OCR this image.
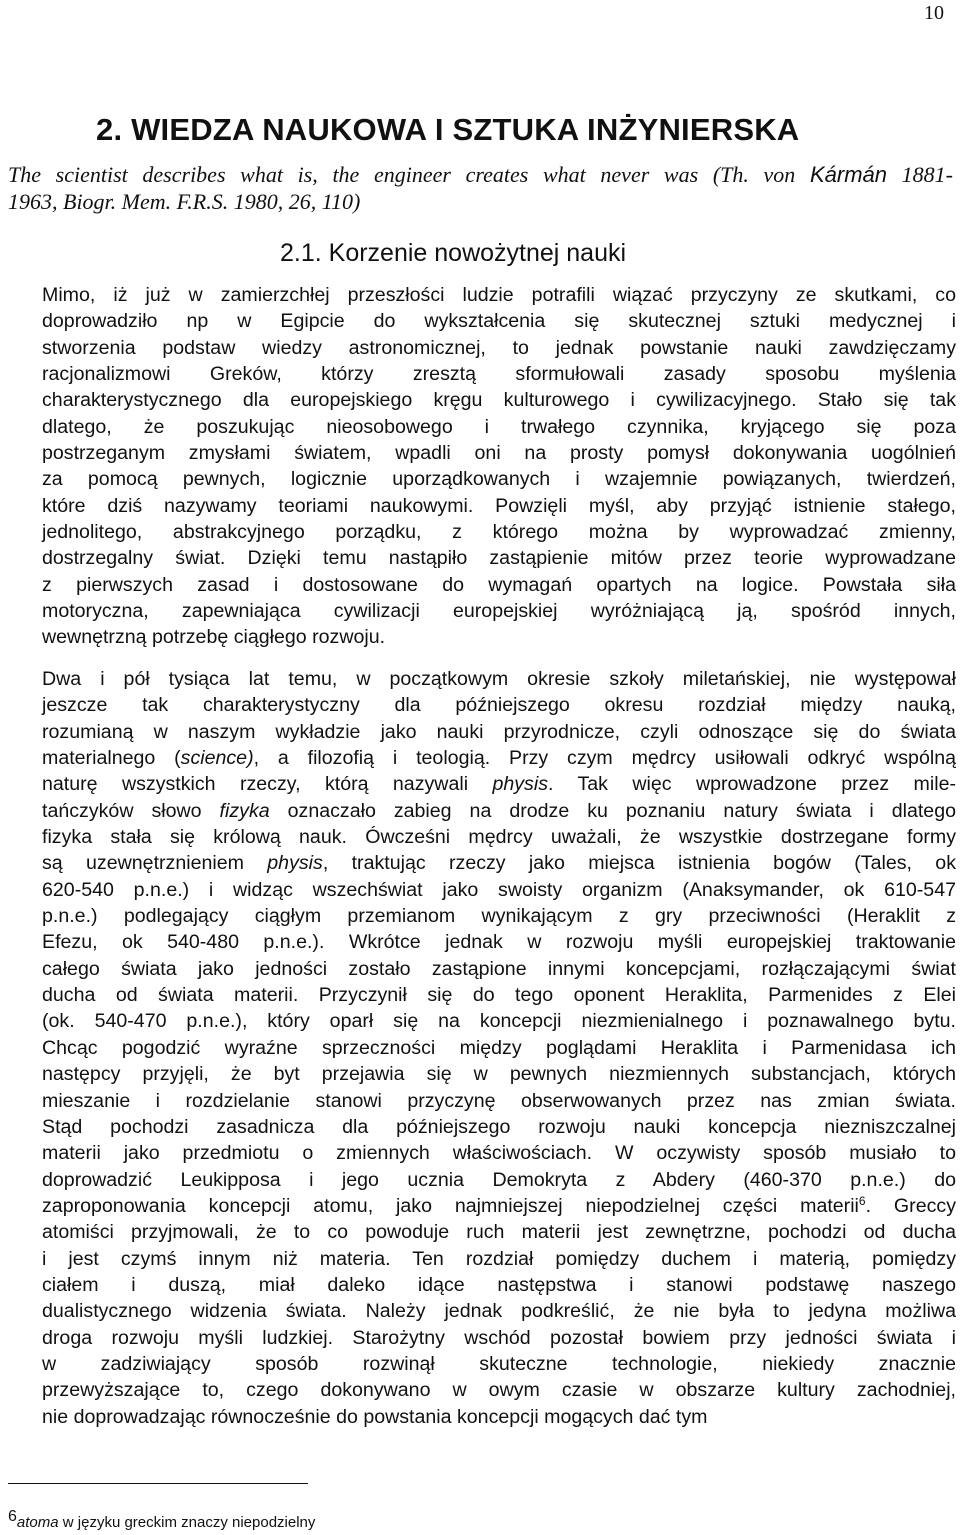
10
2. WIEDZA NAUKOWA I SZTUKA INŻYNIERSKA

The scientist describes what is, the engineer creates what never was (Th. von Kármán 1881-
1963, Biogr. Mem. F.R.S. 1980, 26, 110)

2.1. Korzenie nowożytnej nauki

Mimo, iż już w zamierzchłej przeszłości ludzie potrafili wiązać przyczyny ze skutkami, co
doprowadziło np w Egipcie do wykształcenia się skutecznej sztuki medycznej i
stworzenia podstaw wiedzy astronomicznej, to jednak powstanie nauki zawdzięczamy
racjonalizmowi Greków, którzy zresztą sformułowali zasady sposobu myślenia
charakterystycznego dla europejskiego kręgu kulturowego i cywilizacyjnego. Stało się tak
dlatego, że poszukując nieosobowego i trwałego czynnika, kryjącego się poza
postrzeganym zmysłami światem, wpadli oni na prosty pomysł dokonywania uogólnień
za pomocą pewnych, logicznie uporządkowanych i wzajemnie powiązanych, twierdzeń,
które dziś nazywamy teoriami naukowymi. Powzięli myśl, aby przyjąć istnienie stałego,
jednolitego, abstrakcyjnego porządku, z którego można by wyprowadzać zmienny,
dostrzegalny świat. Dzięki temu nastąpiło zastąpienie mitów przez teorie wyprowadzane
z pierwszych zasad i dostosowane do wymagań opartych na logice. Powstała siła
motoryczna, zapewniająca cywilizacji europejskiej wyróżniającą ją, spośród innych,
wewnętrzną potrzebę ciągłego rozwoju.

Dwa i pół tysiąca lat temu, w początkowym okresie szkoły miletańskiej, nie występował
jeszcze tak charakterystyczny dla późniejszego okresu rozdział między nauką,
rozumianą w naszym wykładzie jako nauki przyrodnicze, czyli odnoszące się do świata
materialnego (science), a filozofią i teologią. Przy czym mędrcy usiłowali odkryć wspólną
naturę wszystkich rzeczy, którą nazywali physis. Tak więc wprowadzone przez mile-
tańczyków słowo fizyka oznaczało zabieg na drodze ku poznaniu natury świata i dlatego
fizyka stała się królową nauk. Ówcześni mędrcy uważali, że wszystkie dostrzegane formy
są uzewnętrznieniem physis, traktując rzeczy jako miejsca istnienia bogów (Tales, ok
620-540 p.n.e.) i widząc wszechświat jako swoisty organizm (Anaksymander, ok 610-547
p.n.e.) podlegający ciągłym przemianom wynikającym z gry przeciwności (Heraklit z
Efezu, ok 540-480 p.n.e.). Wkrótce jednak w rozwoju myśli europejskiej traktowanie
całego świata jako jedności zostało zastąpione innymi koncepcjami, rozłączającymi świat
ducha od świata materii. Przyczynił się do tego oponent Heraklita, Parmenides z Elei
(ok. 540-470 p.n.e.), który oparł się na koncepcji niezmienialnego i poznawalnego bytu.
Chcąc pogodzić wyraźne sprzeczności między poglądami Heraklita i Parmenidasa ich
następcy przyjęli, że byt przejawia się w pewnych niezmiennych substancjach, których
mieszanie i rozdzielanie stanowi przyczynę obserwowanych przez nas zmian świata.
Stąd pochodzi zasadnicza dla późniejszego rozwoju nauki koncepcja niezniszczalnej
materii jako przedmiotu o zmiennych właściwościach. W oczywisty sposób musiało to
doprowadzić Leukipposa i jego ucznia Demokryta z Abdery (460-370 p.n.e.) do
zaproponowania koncepcji atomu, jako najmniejszej niepodzielnej części materii$^6$. Greccy
atomiści przyjmowali, że to co powoduje ruch materii jest zewnętrzne, pochodzi od ducha
i jest czymś innym niż materia. Ten rozdział pomiędzy duchem i materią, pomiędzy
ciałem i duszą, miał daleko idące następstwa i stanowi podstawę naszego
dualistycznego widzenia świata. Należy jednak podkreślić, że nie była to jedyna możliwa
droga rozwoju myśli ludzkiej. Starożytny wschód pozostał bowiem przy jedności świata i
w zadziwiający sposób rozwinął skuteczne technologie, niekiedy znacznie
przewyższające to, czego dokonywano w owym czasie w obszarze kultury zachodniej,
nie doprowadzając równocześnie do powstania koncepcji mogących dać tym

6atoma w języku greckim znaczy niepodzielny
